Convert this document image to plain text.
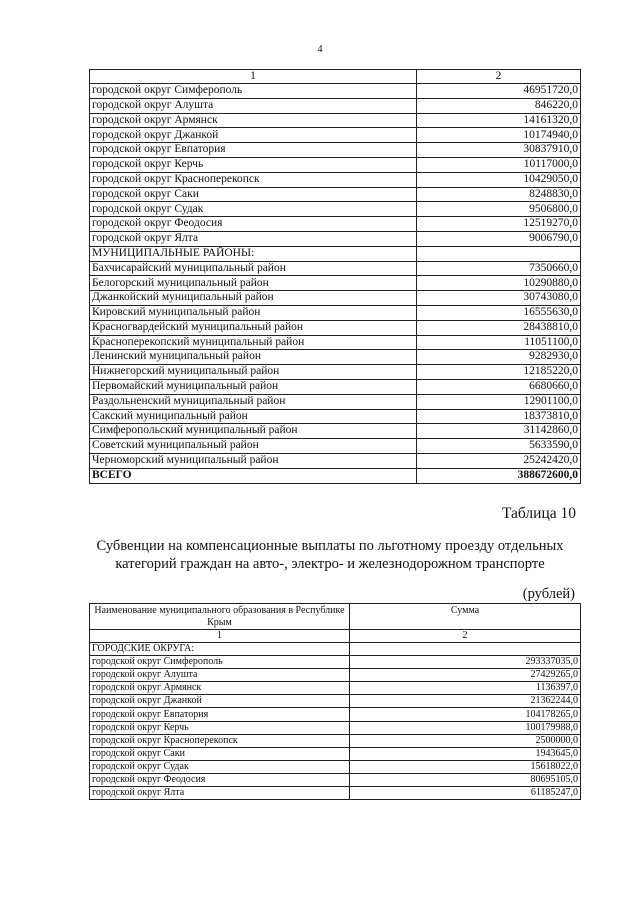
4
1	2
городской округ Симферополь	46951720,0
городской округ Алушта	846220,0
городской округ Армянск	14161320,0
городской округ Джанкой	10174940,0
городской округ Евпатория	30837910,0
городской округ Керчь	10117000,0
городской округ Красноперекопск	10429050,0
городской округ Саки	8248830,0
городской округ Судак	9506800,0
городской округ Феодосия	12519270,0
городской округ Ялта	9006790,0
МУНИЦИПАЛЬНЫЕ РАЙОНЫ:	
Бахчисарайский муниципальный район	7350660,0
Белогорский муниципальный район	10290880,0
Джанкойский муниципальный район	30743080,0
Кировский муниципальный район	16555630,0
Красногвардейский муниципальный район	28438810,0
Красноперекопский муниципальный район	11051100,0
Ленинский муниципальный район	9282930,0
Нижнегорский муниципальный район	12185220,0
Первомайский муниципальный район	6680660,0
Раздольненский муниципальный район	12901100,0
Сакский муниципальный район	18373810,0
Симферопольский муниципальный район	31142860,0
Советский муниципальный район	5633590,0
Черноморский муниципальный район	25242420,0
ВСЕГО	388672600,0
Таблица 10
Субвенции на компенсационные выплаты по льготному проезду отдельных
категорий граждан на авто-, электро- и железнодорожном транспорте
(рублей)
Наименование муниципального образования в Республике Крым	Сумма
1	2
ГОРОДСКИЕ ОКРУГА:	
городской округ Симферополь	293337035,0
городской округ Алушта	27429265,0
городской округ Армянск	1136397,0
городской округ Джанкой	21362244,0
городской округ Евпатория	104178265,0
городской округ Керчь	100179988,0
городской округ Красноперекопск	2500000,0
городской округ Саки	1943645,0
городской округ Судак	15618022,0
городской округ Феодосия	80695105,0
городской округ Ялта	61185247,0
